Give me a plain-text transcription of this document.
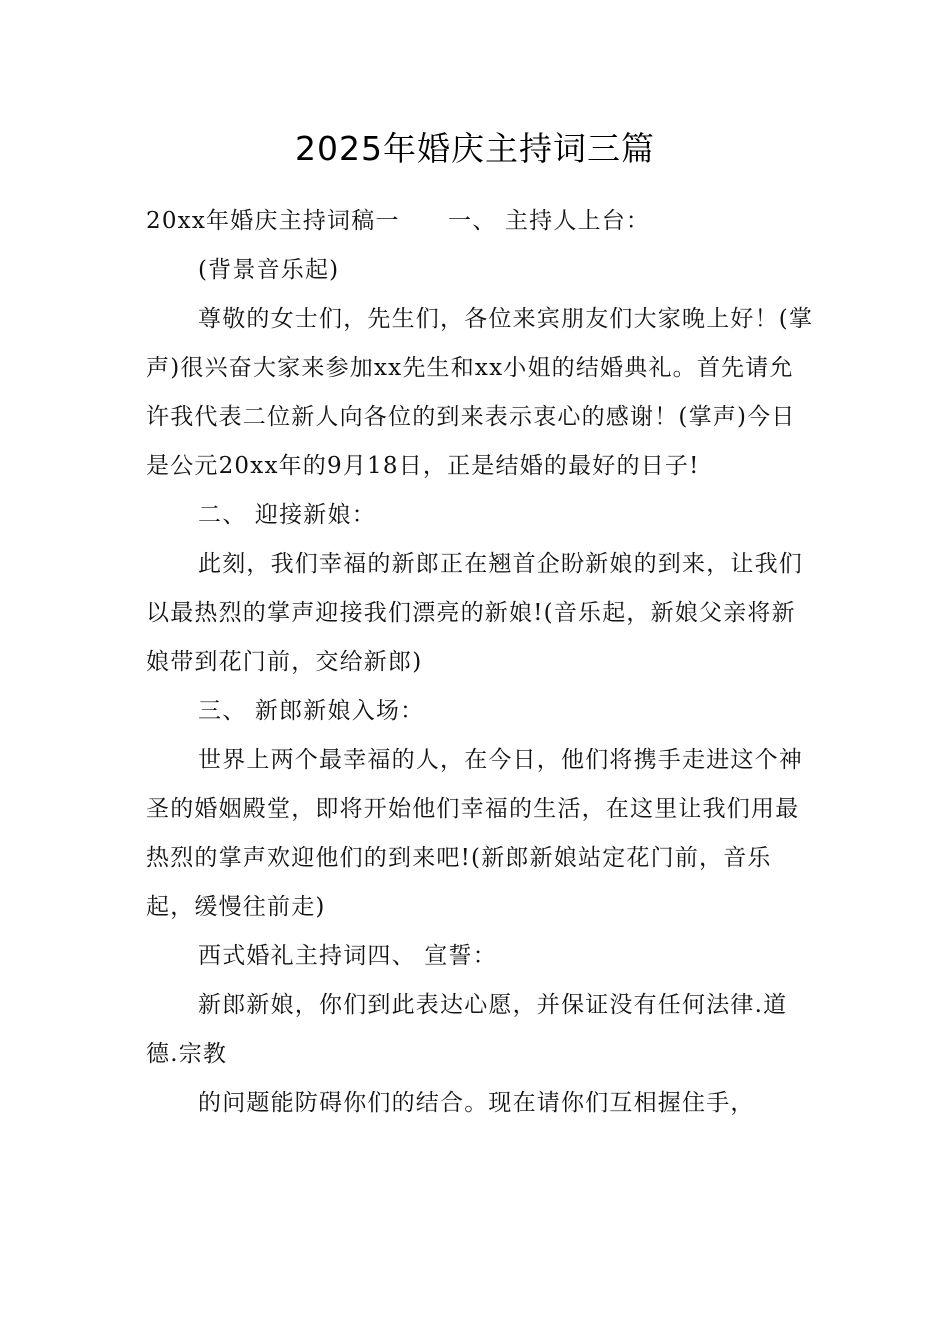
2025年婚庆主持词三篇

20xx年婚庆主持词稿一　　一、 主持人上台：

(背景音乐起)

尊敬的女士们，先生们，各位来宾朋友们大家晚上好！(掌声)很兴奋大家来参加xx先生和xx小姐的结婚典礼。首先请允许我代表二位新人向各位的到来表示衷心的感谢！(掌声)今日是公元20xx年的9月18日，正是结婚的最好的日子!

二、 迎接新娘：

此刻，我们幸福的新郎正在翘首企盼新娘的到来，让我们以最热烈的掌声迎接我们漂亮的新娘!(音乐起，新娘父亲将新娘带到花门前，交给新郎)

三、 新郎新娘入场：

世界上两个最幸福的人，在今日，他们将携手走进这个神圣的婚姻殿堂，即将开始他们幸福的生活，在这里让我们用最热烈的掌声欢迎他们的到来吧!(新郎新娘站定花门前，音乐起，缓慢往前走)

西式婚礼主持词四、 宣誓：

新郎新娘，你们到此表达心愿，并保证没有任何法律.道德.宗教

的问题能防碍你们的结合。现在请你们互相握住手，
